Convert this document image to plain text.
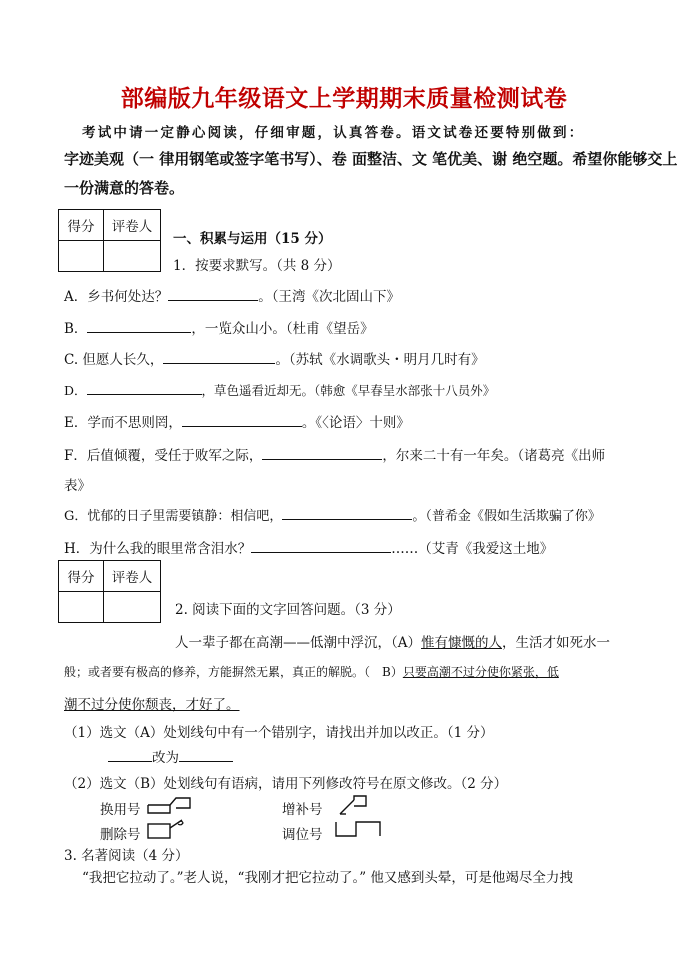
部编版九年级语文上学期期末质量检测试卷
考试中请一定静心阅读，仔细审题，认真答卷。语文试卷还要特别做到：
字迹美观（一 律用钢笔或签字笔书写）、卷 面整洁、文 笔优美、谢 绝空题。希望你能够交上
一份满意的答卷。
得分	评卷人

一、积累与运用（15 分）
1．按要求默写。（共 8 分）
A．乡书何处达？	。（王湾《次北固山下》
B．	，一览众山小。（杜甫《望岳》
C. 但愿人长久，	。（苏轼《水调歌头・明月几时有》
D．	，草色遥看近却无。（韩愈《早春呈水部张十八员外》
E．学而不思则罔，	。《〈论语〉十则》
F．后值倾覆，受任于败军之际，	，尔来二十有一年矣。（诸葛亮《出师
表》
G．忧郁的日子里需要镇静：相信吧，	。（普希金《假如生活欺骗了你》
H．为什么我的眼里常含泪水？	……（艾青《我爱这土地》
得分	评卷人

2. 阅读下面的文字回答问题。（3 分）
人一辈子都在高潮——低潮中浮沉，（A）惟有慷慨的人，生活才如死水一
般；或者要有极高的修养，方能摒然无累，真正的解脱。（　B）只要高潮不过分使你紧张，低
潮不过分使你颓丧，才好了。
（1）选文（A）处划线句中有一个错别字，请找出并加以改正。（1 分）
改为
（2）选文（B）处划线句有语病，请用下列修改符号在原文修改。（2 分）
换用号	增补号
删除号	调位号
3. 名著阅读（4 分）
“我把它拉动了。”老人说，“我刚才把它拉动了。” 他又感到头晕，可是他竭尽全力拽
